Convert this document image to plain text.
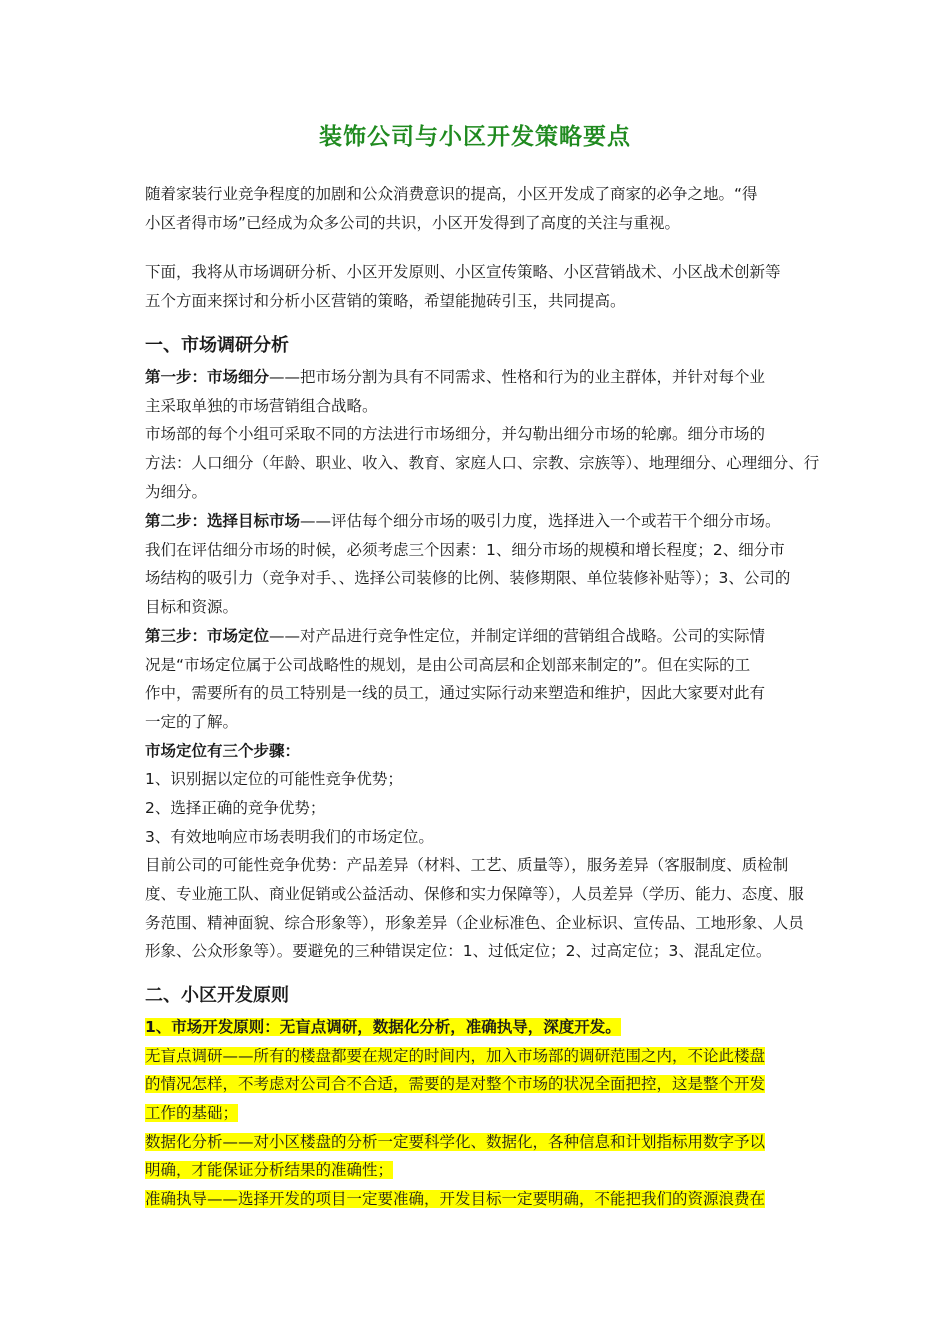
装饰公司与小区开发策略要点
随着家装行业竞争程度的加剧和公众消费意识的提高，小区开发成了商家的必争之地。“得
小区者得市场”已经成为众多公司的共识，小区开发得到了高度的关注与重视。
下面，我将从市场调研分析、小区开发原则、小区宣传策略、小区营销战术、小区战术创新等
五个方面来探讨和分析小区营销的策略，希望能抛砖引玉，共同提高。
一、市场调研分析
第一步：市场细分——把市场分割为具有不同需求、性格和行为的业主群体，并针对每个业
主采取单独的市场营销组合战略。
市场部的每个小组可采取不同的方法进行市场细分，并勾勒出细分市场的轮廓。细分市场的
方法：人口细分（年龄、职业、收入、教育、家庭人口、宗教、宗族等）、地理细分、心理细分、行
为细分。
第二步：选择目标市场——评估每个细分市场的吸引力度，选择进入一个或若干个细分市场。
我们在评估细分市场的时候，必须考虑三个因素：1、细分市场的规模和增长程度；2、细分市
场结构的吸引力（竞争对手、、选择公司装修的比例、装修期限、单位装修补贴等）；3、公司的
目标和资源。
第三步：市场定位——对产品进行竞争性定位，并制定详细的营销组合战略。公司的实际情
况是“市场定位属于公司战略性的规划，是由公司高层和企划部来制定的”。但在实际的工
作中，需要所有的员工特别是一线的员工，通过实际行动来塑造和维护，因此大家要对此有
一定的了解。
市场定位有三个步骤：
1、识别据以定位的可能性竞争优势；
2、选择正确的竞争优势；
3、有效地响应市场表明我们的市场定位。
目前公司的可能性竞争优势：产品差异（材料、工艺、质量等），服务差异（客服制度、质检制
度、专业施工队、商业促销或公益活动、保修和实力保障等），人员差异（学历、能力、态度、服
务范围、精神面貌、综合形象等），形象差异（企业标准色、企业标识、宣传品、工地形象、人员
形象、公众形象等）。要避免的三种错误定位：1、过低定位；2、过高定位；3、混乱定位。
二、小区开发原则
1、市场开发原则：无盲点调研，数据化分析，准确执导，深度开发。
无盲点调研——所有的楼盘都要在规定的时间内，加入市场部的调研范围之内，不论此楼盘
的情况怎样，不考虑对公司合不合适，需要的是对整个市场的状况全面把控，这是整个开发
工作的基础；
数据化分析——对小区楼盘的分析一定要科学化、数据化，各种信息和计划指标用数字予以
明确，才能保证分析结果的准确性；
准确执导——选择开发的项目一定要准确，开发目标一定要明确，不能把我们的资源浪费在
